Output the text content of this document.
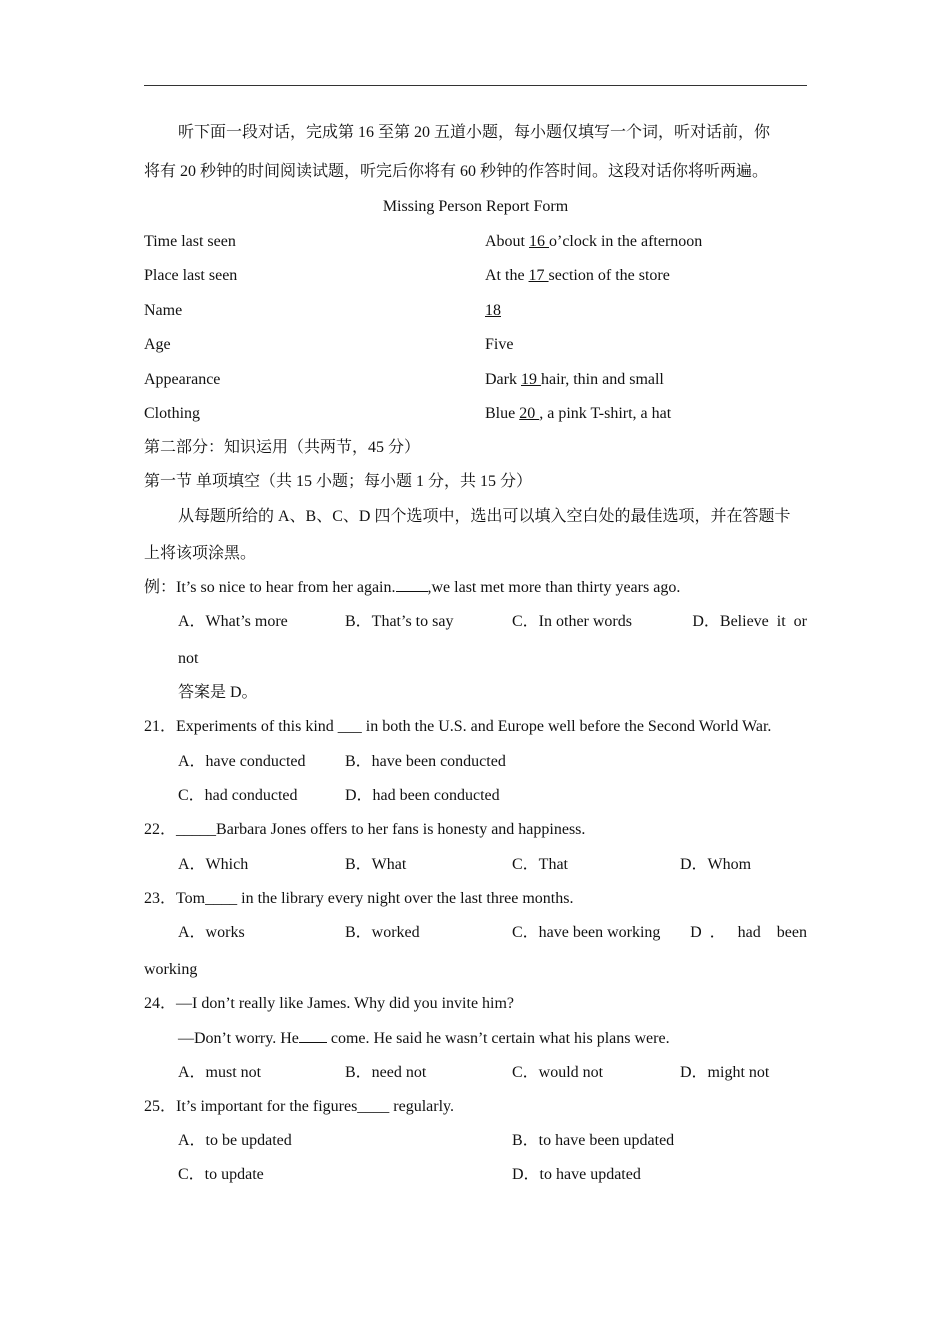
听下面一段对话，完成第 16 至第 20 五道小题，每小题仅填写一个词，听对话前，你
将有 20 秒钟的时间阅读试题，听完后你将有 60 秒钟的作答时间。这段对话你将听两遍。
Missing Person Report Form
Time last seen	About 16 o’clock in the afternoon
Place last seen	At the 17 section of the store
Name	18
Age	Five
Appearance	Dark 19 hair, thin and small
Clothing	Blue 20 , a pink T-shirt, a hat
第二部分：知识运用（共两节，45 分）
第一节 单项填空（共 15 小题；每小题 1 分，共 15 分）
从每题所给的 A、B、C、D 四个选项中，选出可以填入空白处的最佳选项，并在答题卡
上将该项涂黑。
例：It’s so nice to hear from her again. ,we last met more than thirty years ago.
A．What’s more	B．That’s to say	C．In other words	D．Believe  it  or
not
答案是 D。
21．Experiments of this kind ___ in both the U.S. and Europe well before the Second World War.
A．have conducted B．have been conducted
C．had conducted	D．had been conducted
22．_____Barbara Jones offers to her fans is honesty and happiness.
A．Which	B．What	C．That	D．Whom
23．Tom____ in the library every night over the last three months.
A．works	B．worked	C．have been working	D  ．   had    been
working
24．—I don’t really like James. Why did you invite him?
—Don’t worry. He come. He said he wasn’t certain what his plans were.
A．must not	B．need not	C．would not	D．might not
25．It’s important for the figures____ regularly.
A．to be updated	B．to have been updated
C．to update	D．to have updated
